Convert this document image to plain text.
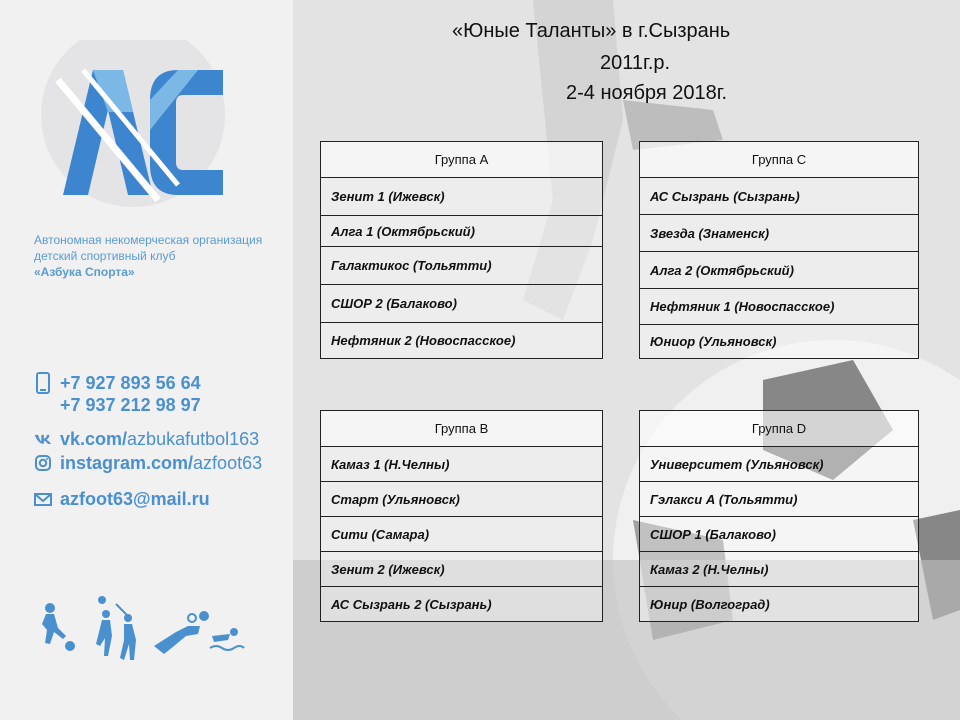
Автономная некомерческая организация
детский спортивный клуб
«Азбука Спорта»
+7 927 893 56 64
+7 937 212 98 97
vk.com/ azbukafutbol163
instagram.com/ azfoot63
azfoot63@mail.ru
«Юные Таланты» в г.Сызрань
2011г.р.
2-4 ноября 2018г.
Группа A
Зенит 1 (Ижевск)
Алга 1 (Октябрьский)
Галактикос (Тольятти)
СШОР 2 (Балаково)
Нефтяник 2 (Новоспасское)
Группа C
АС Сызрань (Сызрань)
Звезда (Знаменск)
Алга 2 (Октябрьский)
Нефтяник 1 (Новоспасское)
Юниор (Ульяновск)
Группа B
Камаз 1 (Н.Челны)
Старт (Ульяновск)
Сити (Самара)
Зенит 2 (Ижевск)
АС Сызрань 2 (Сызрань)
Группа D
Университет (Ульяновск)
Гэлакси А (Тольятти)
СШОР 1 (Балаково)
Камаз 2 (Н.Челны)
Юнир (Волгоград)
